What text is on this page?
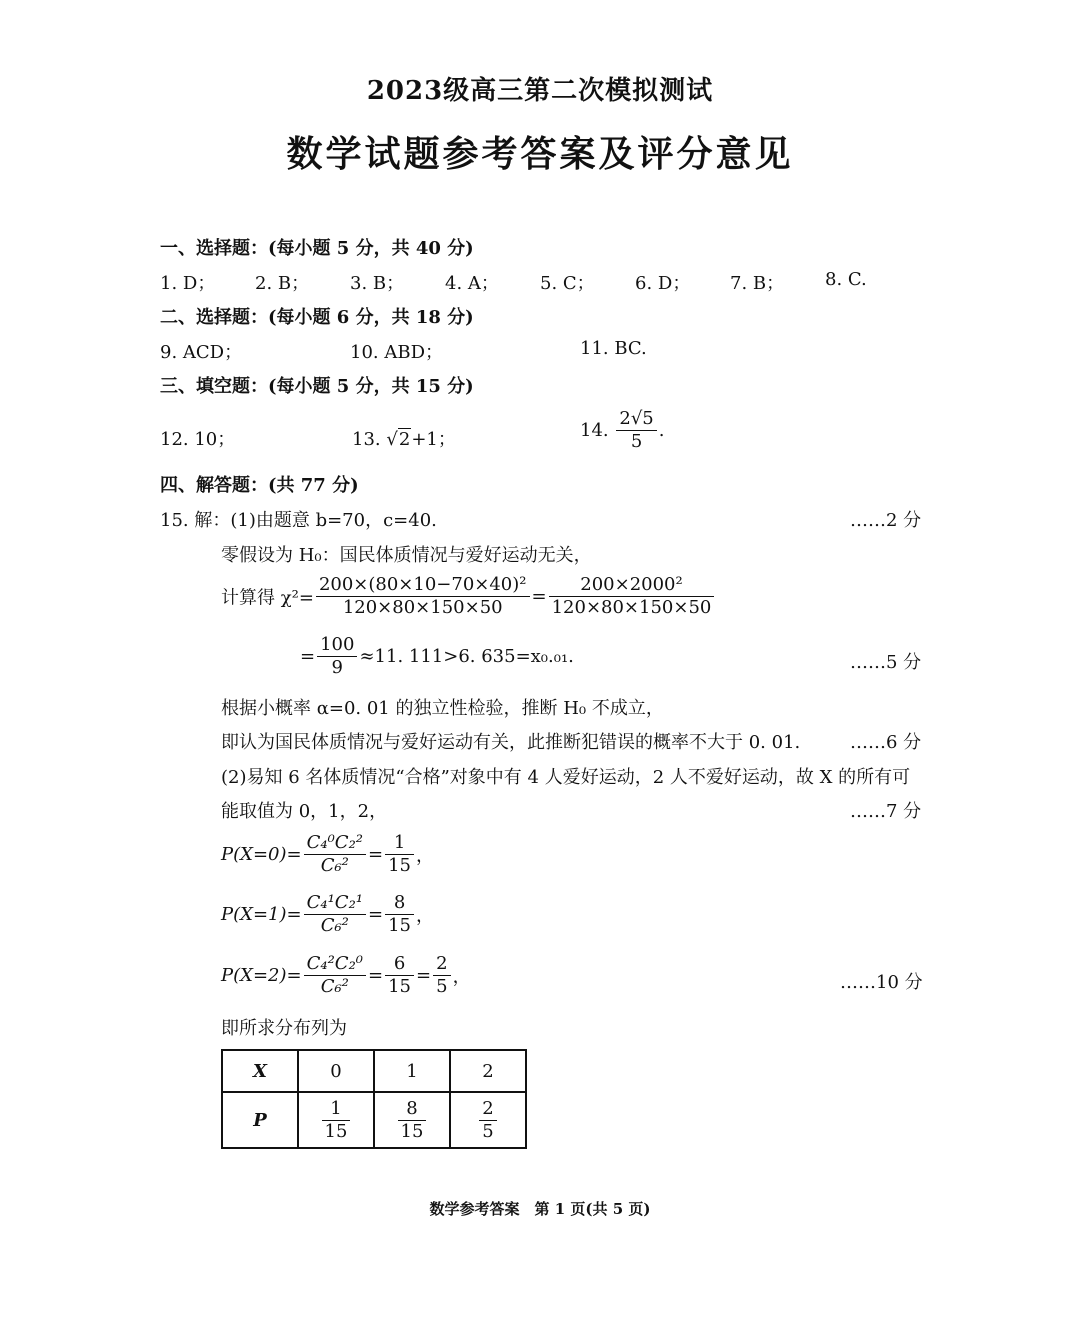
2023级高三第二次模拟测试
数学试题参考答案及评分意见
一、选择题：(每小题 5 分，共 40 分)
1. D； 2. B； 3. B； 4. A； 5. C； 6. D； 7. B； 8. C.
二、选择题：(每小题 6 分，共 18 分)
9. ACD；	10. ABD；	11. BC.
三、填空题：(每小题 5 分，共 15 分)
12. 10；	13. √2+1；	14. $\frac{2√5}{5}$ .
四、解答题：(共 77 分)
15. 解：(1)由题意 b=70，c=40.	……2 分
零假设为 H₀：国民体质情况与爱好运动无关，
计算得 $\chi^2= \frac{\text{200×(80×10−70×40)²}}{120\times 80\times 150\times 50} = \frac{\text{200×2000²}}{120\times 80\times 150\times 50}$
= $\frac{100}{9} \approx 11$. 111>6. 635=x₀.₀₁.	……5 分
根据小概率 α=0. 01 的独立性检验，推断 H₀ 不成立，
即认为国民体质情况与爱好运动有关，此推断犯错误的概率不大于 0. 01.	……6 分
(2)易知 6 名体质情况“合格”对象中有 4 人爱好运动，2 人不爱好运动，故 X 的所有可
能取值为 0，1，2，	……7 分
$P(X=0)= \frac{\text{C₄⁰C₂²}}{\text{C₆²}} = \frac{1}{15}$ ，
$P(X=1)= \frac{\text{C₄¹C₂¹}}{\text{C₆²}} = \frac{8}{15}$ ，
$P(X=2)= \frac{\text{C₄²C₂⁰}}{\text{C₆²}} = \frac{6}{15} = \frac{2}{5}$ ，	……10 分
即所求分布列为
X	0	1	2
P	$\frac{1}{15}$	$\frac{8}{15}$	$\frac{2}{5}$
数学参考答案　第 1 页(共 5 页)
